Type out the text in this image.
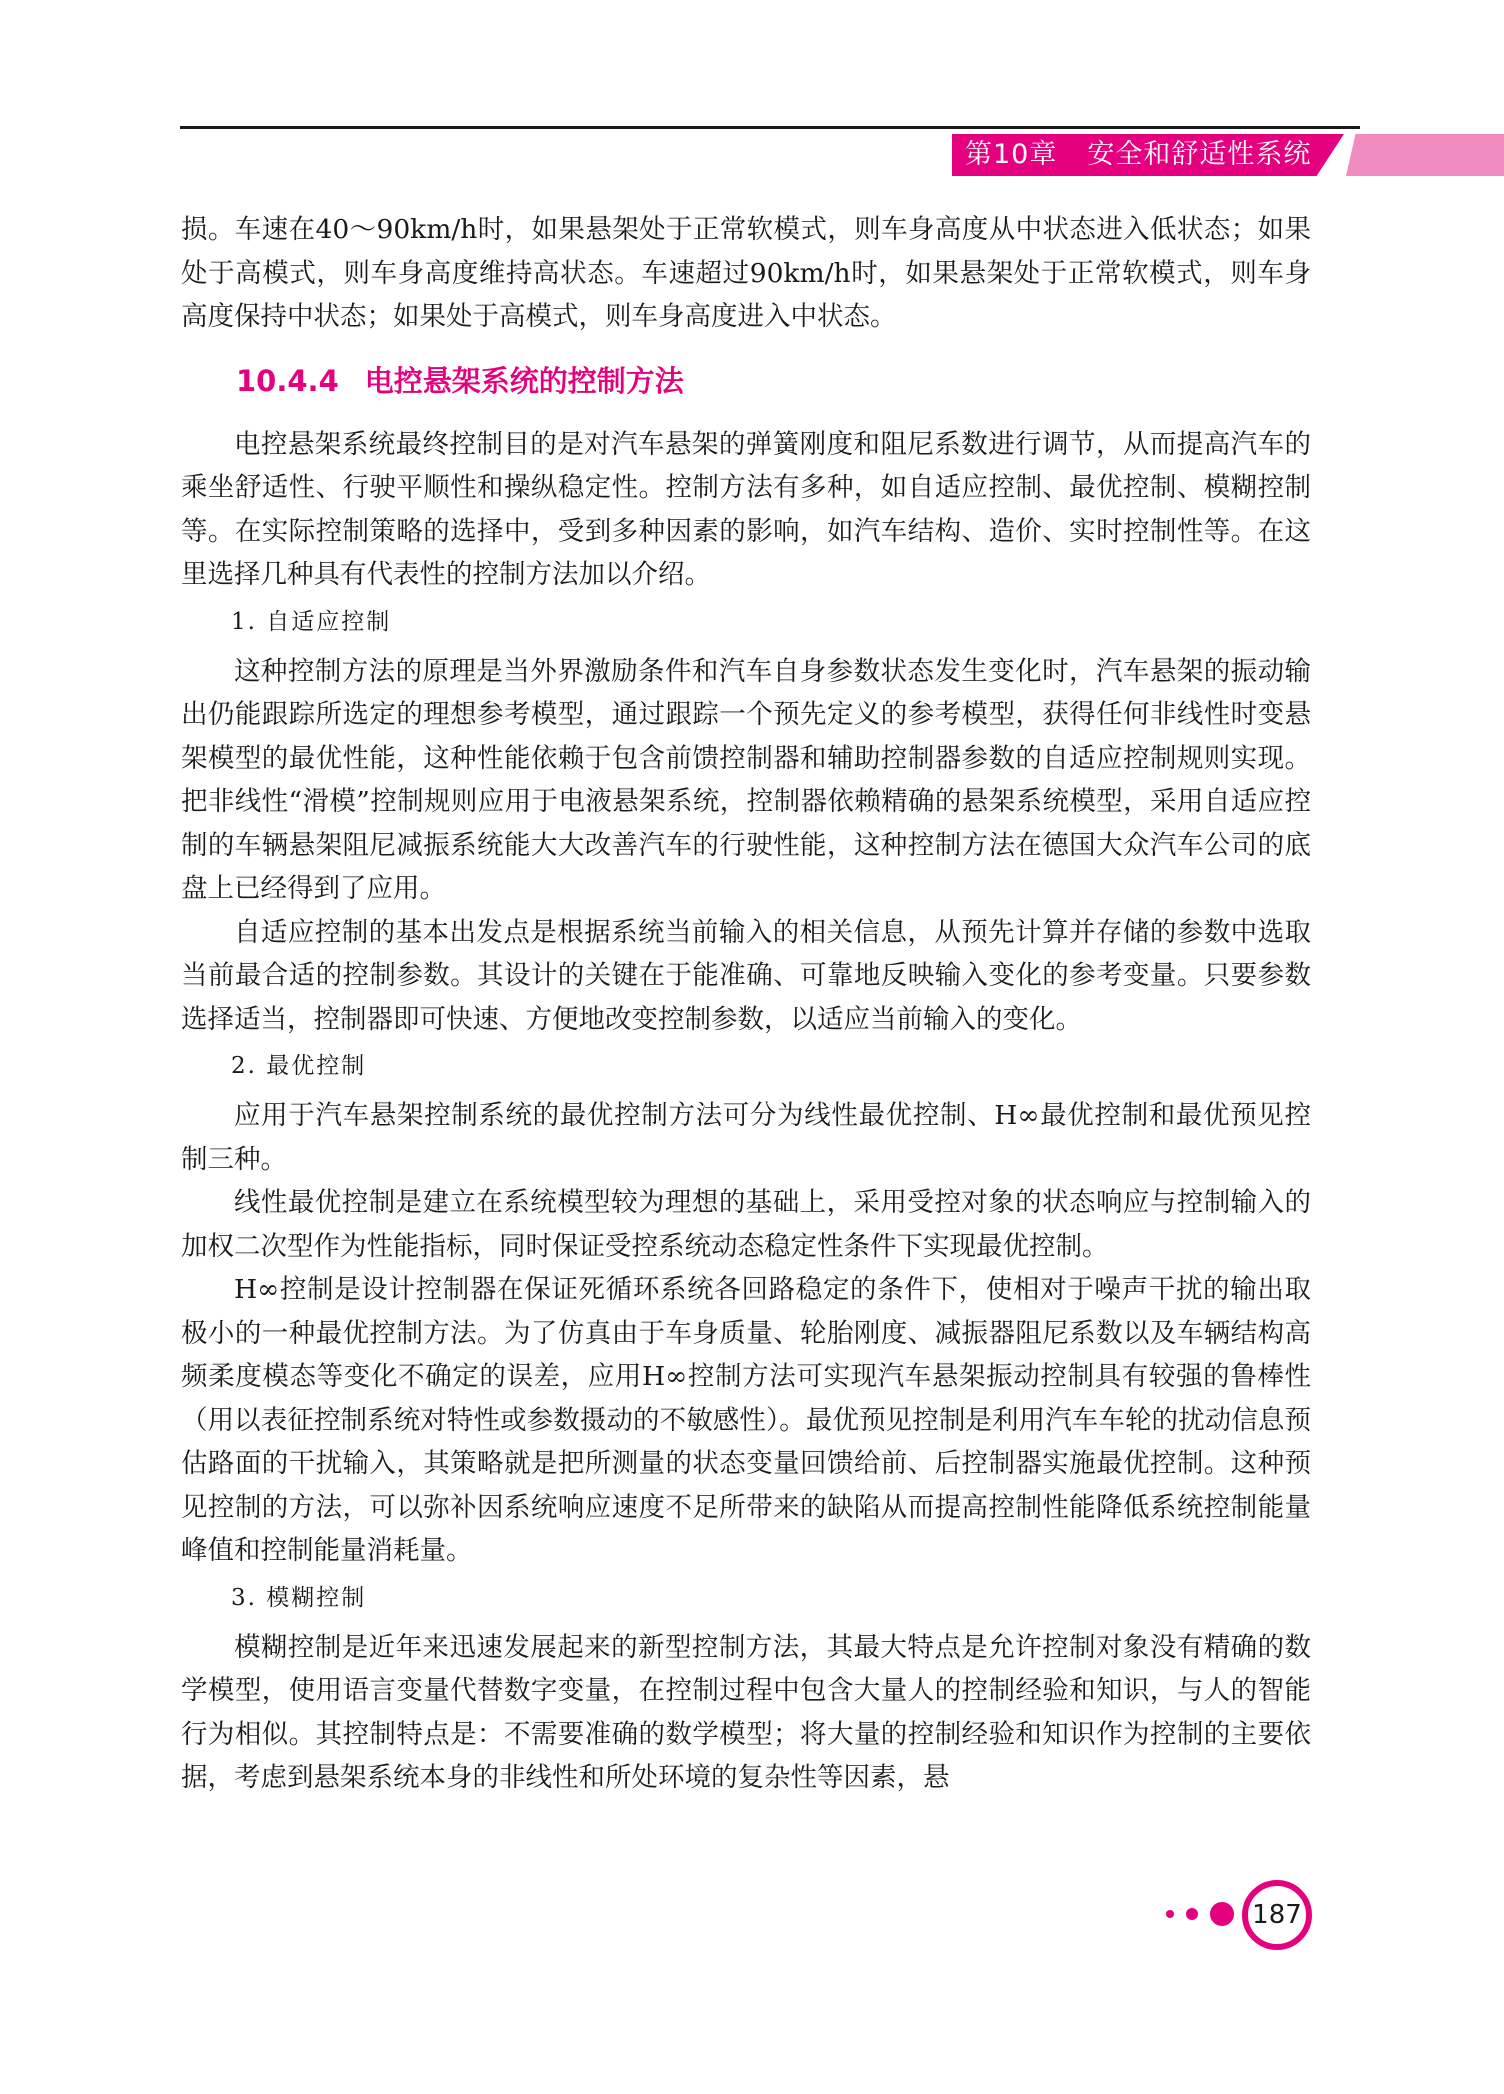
第10章 安全和舒适性系统

损。车速在40～90km/h时，如果悬架处于正常软模式，则车身高度从中状态进入低状态；如果处于高模式，则车身高度维持高状态。车速超过90km/h时，如果悬架处于正常软模式，则车身高度保持中状态；如果处于高模式，则车身高度进入中状态。

10.4.4 电控悬架系统的控制方法

电控悬架系统最终控制目的是对汽车悬架的弹簧刚度和阻尼系数进行调节，从而提高汽车的乘坐舒适性、行驶平顺性和操纵稳定性。控制方法有多种，如自适应控制、最优控制、模糊控制等。在实际控制策略的选择中，受到多种因素的影响，如汽车结构、造价、实时控制性等。在这里选择几种具有代表性的控制方法加以介绍。

1. 自适应控制

这种控制方法的原理是当外界激励条件和汽车自身参数状态发生变化时，汽车悬架的振动输出仍能跟踪所选定的理想参考模型，通过跟踪一个预先定义的参考模型，获得任何非线性时变悬架模型的最优性能，这种性能依赖于包含前馈控制器和辅助控制器参数的自适应控制规则实现。把非线性“滑模”控制规则应用于电液悬架系统，控制器依赖精确的悬架系统模型，采用自适应控制的车辆悬架阻尼减振系统能大大改善汽车的行驶性能，这种控制方法在德国大众汽车公司的底盘上已经得到了应用。

自适应控制的基本出发点是根据系统当前输入的相关信息，从预先计算并存储的参数中选取当前最合适的控制参数。其设计的关键在于能准确、可靠地反映输入变化的参考变量。只要参数选择适当，控制器即可快速、方便地改变控制参数，以适应当前输入的变化。

2. 最优控制

应用于汽车悬架控制系统的最优控制方法可分为线性最优控制、H∞最优控制和最优预见控制三种。

线性最优控制是建立在系统模型较为理想的基础上，采用受控对象的状态响应与控制输入的加权二次型作为性能指标，同时保证受控系统动态稳定性条件下实现最优控制。

H∞控制是设计控制器在保证死循环系统各回路稳定的条件下，使相对于噪声干扰的输出取极小的一种最优控制方法。为了仿真由于车身质量、轮胎刚度、减振器阻尼系数以及车辆结构高频柔度模态等变化不确定的误差，应用H∞控制方法可实现汽车悬架振动控制具有较强的鲁棒性（用以表征控制系统对特性或参数摄动的不敏感性）。最优预见控制是利用汽车车轮的扰动信息预估路面的干扰输入，其策略就是把所测量的状态变量回馈给前、后控制器实施最优控制。这种预见控制的方法，可以弥补因系统响应速度不足所带来的缺陷从而提高控制性能降低系统控制能量峰值和控制能量消耗量。

3. 模糊控制

模糊控制是近年来迅速发展起来的新型控制方法，其最大特点是允许控制对象没有精确的数学模型，使用语言变量代替数字变量，在控制过程中包含大量人的控制经验和知识，与人的智能行为相似。其控制特点是：不需要准确的数学模型；将大量的控制经验和知识作为控制的主要依据，考虑到悬架系统本身的非线性和所处环境的复杂性等因素，悬

187
